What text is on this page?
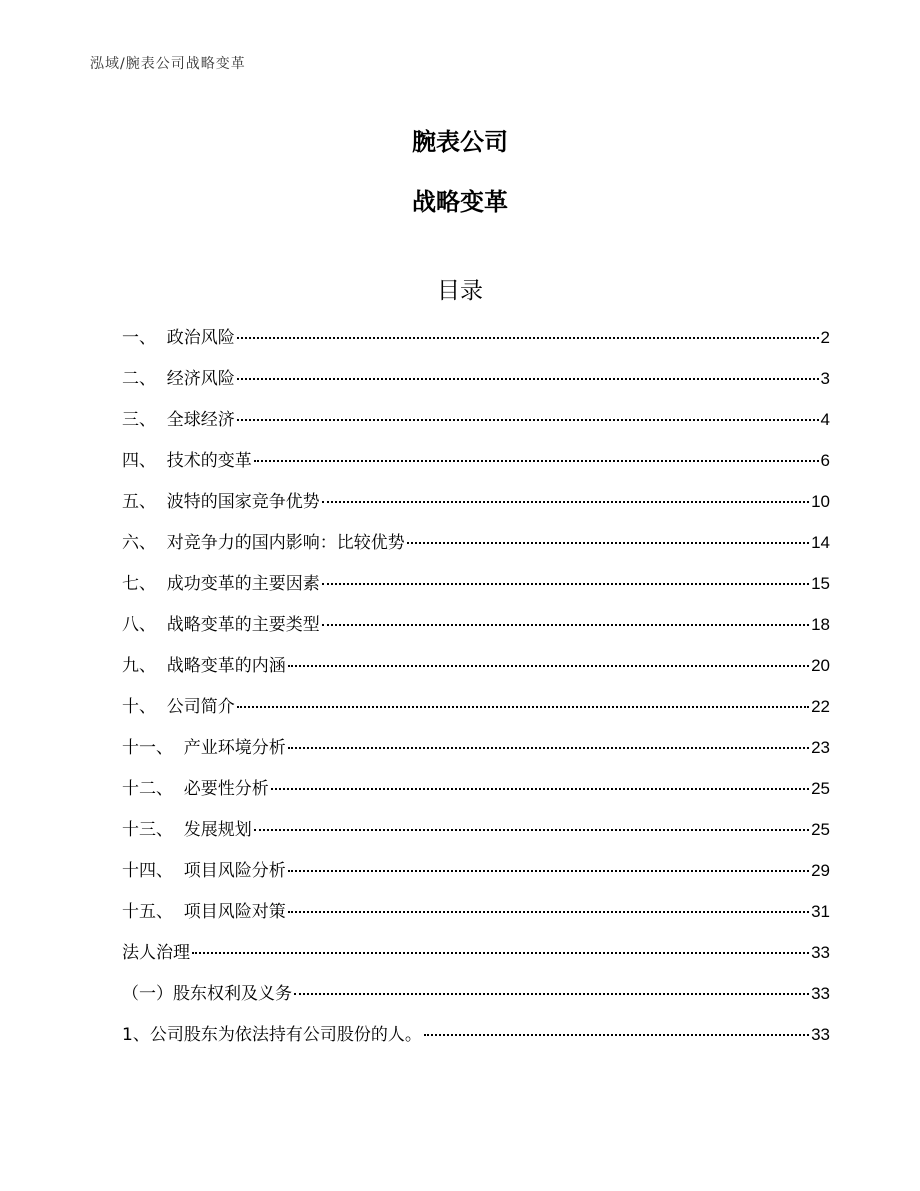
泓域/腕表公司战略变革
腕表公司
战略变革
目录
一、  政治风险	2
二、  经济风险	3
三、  全球经济	4
四、  技术的变革	6
五、  波特的国家竞争优势	10
六、  对竞争力的国内影响：比较优势	14
七、  成功变革的主要因素	15
八、  战略变革的主要类型	18
九、  战略变革的内涵	20
十、  公司简介	22
十一、  产业环境分析	23
十二、  必要性分析	25
十三、  发展规划	25
十四、  项目风险分析	29
十五、  项目风险对策	31
法人治理	33
（一）股东权利及义务	33
1、公司股东为依法持有公司股份的人。	33
